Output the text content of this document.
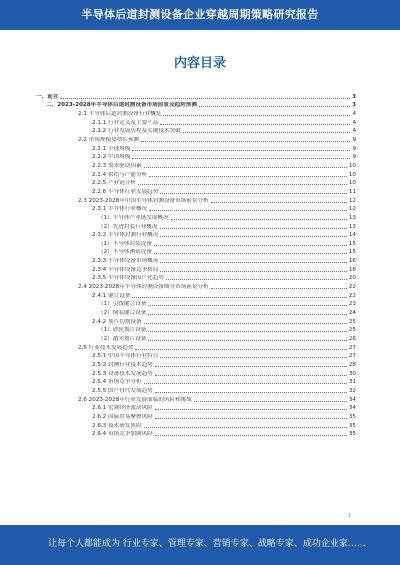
半导体后道封测设备企业穿越周期策略研究报告
内容目录
一、前言	3
二、2023-2028年半导体后道封测设备市场前景及趋势预测	3
2.1 半导体后道封测设备行业概览	4
2.1.1 行业定义及主要产品	4
2.1.2 行业发展历程及关键技术突破	4
2.2 市场规模及增长预测	9
2.2.1 全球规模	9
2.2.2 中国规模	9
2.2.3 需求驱动因素	10
2.2.4 供给与产能分析	10
2.2.5 产业链分析	10
2.2.6 半导体行业发展趋势	11
2.3 2023-2028年中国半导体封测设备市场前景分析	12
2.3.1 半导体行业概况	12
（1）半导体产业链发展概况	13
（2）先进封装行业概况	13
2.3.2 半导体封测行业概况	14
（1）半导体封装设备	15
（2）半导体测试设备	15
2.3.3 半导体设备市场概况	16
2.3.4 半导体设备竞争格局	18
2.3.5 半导体设备国产化趋势	20
2.4 2023-2028年半导体封测设备细分市场前景分析	22
2.4.1 键合设备	22
（1）引线键合设备	23
（2）倒装键合设备	24
2.4.2 划片切割设备	25
（1）砂轮划片设备	25
（2）激光划片设备	26
2.5 行业技术发展趋势	27
2.5.1 中国半导体行业特点	27
2.5.2 封测行业技术趋势	28
2.5.3 设备技术发展趋势	30
2.5.4 市场竞争分析	31
2.5.5 国产替代发展趋势	32
2.6 2023-2028年行业发展面临的风险和挑战	34
2.6.1 宏观经济波动风险	34
2.6.2 国际贸易摩擦风险	35
2.6.3 技术研发风险	35
2.6.4 市场竞争加剧风险	35
1
让每个人都能成为 行业专家、管理专家、营销专家、战略专家、成功企业家……
